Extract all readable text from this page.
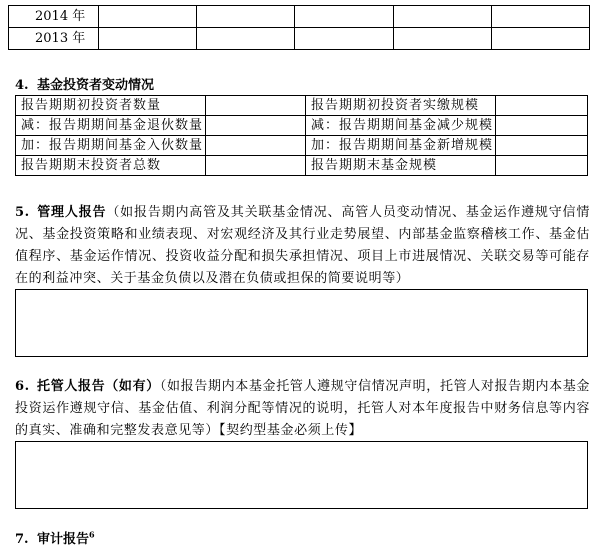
2014 年					
2013 年					
4. 基金投资者变动情况
报告期期初投资者数量		报告期期初投资者实缴规模	
减：报告期期间基金退伙数量		减：报告期期间基金减少规模	
加：报告期期间基金入伙数量		加：报告期期间基金新增规模	
报告期期末投资者总数		报告期期末基金规模	
5. 管理人报告（如报告期内高管及其关联基金情况、高管人员变动情况、基金运作遵规守信情况、基金投资策略和业绩表现、对宏观经济及其行业走势展望、内部基金监察稽核工作、基金估值程序、基金运作情况、投资收益分配和损失承担情况、项目上市进展情况、关联交易等可能存在的利益冲突、关于基金负债以及潜在负债或担保的简要说明等）
6. 托管人报告（如有）（如报告期内本基金托管人遵规守信情况声明，托管人对报告期内本基金投资运作遵规守信、基金估值、利润分配等情况的说明，托管人对本年度报告中财务信息等内容的真实、准确和完整发表意见等）【契约型基金必须上传】
7. 审计报告$^6$
